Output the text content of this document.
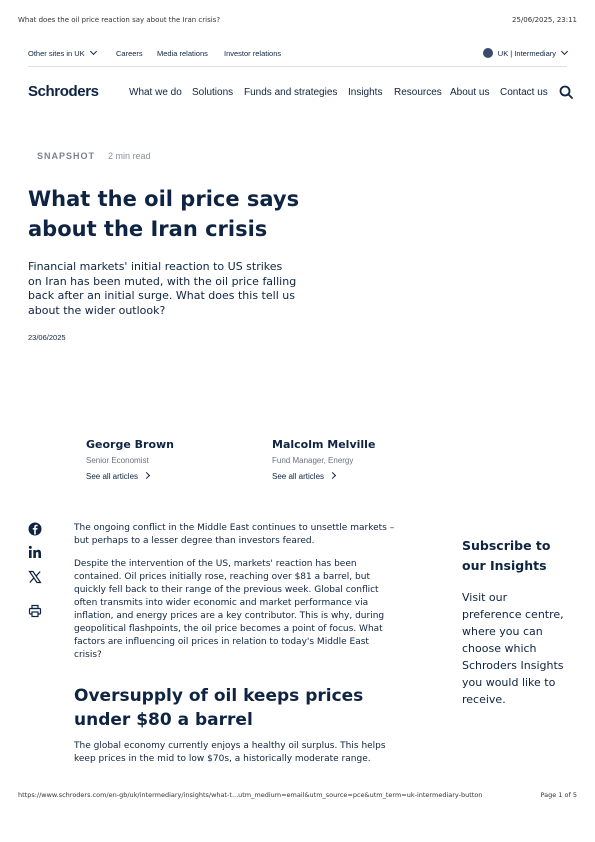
What does the oil price reaction say about the Iran crisis?	25/06/2025, 23:11
Other sites in UK	Careers Media relations Investor relations	UK | Intermediary
Schroders	What we do Solutions Funds and strategies Insights Resources About us Contact us
SNAPSHOT 2 min read
What the oil price says about the Iran crisis

Financial markets' initial reaction to US strikes on Iran has been muted, with the oil price falling back after an initial surge. What does this tell us about the wider outlook?

23/06/2025
George Brown
Senior Economist
See all articles
Malcolm Melville
Fund Manager, Energy
See all articles

The ongoing conflict in the Middle East continues to unsettle markets – but perhaps to a lesser degree than investors feared.

Despite the intervention of the US, markets' reaction has been contained. Oil prices initially rose, reaching over $81 a barrel, but quickly fell back to their range of the previous week. Global conflict often transmits into wider economic and market performance via inflation, and energy prices are a key contributor. This is why, during geopolitical flashpoints, the oil price becomes a point of focus. What factors are influencing oil prices in relation to today's Middle East crisis?

Oversupply of oil keeps prices under $80 a barrel

The global economy currently enjoys a healthy oil surplus. This helps keep prices in the mid to low $70s, a historically moderate range.

Subscribe to our Insights

Visit our preference centre, where you can choose which Schroders Insights you would like to receive.

https://www.schroders.com/en-gb/uk/intermediary/insights/what-t...utm_medium=email&utm_source=pce&utm_term=uk-intermediary-button	Page 1 of 5
